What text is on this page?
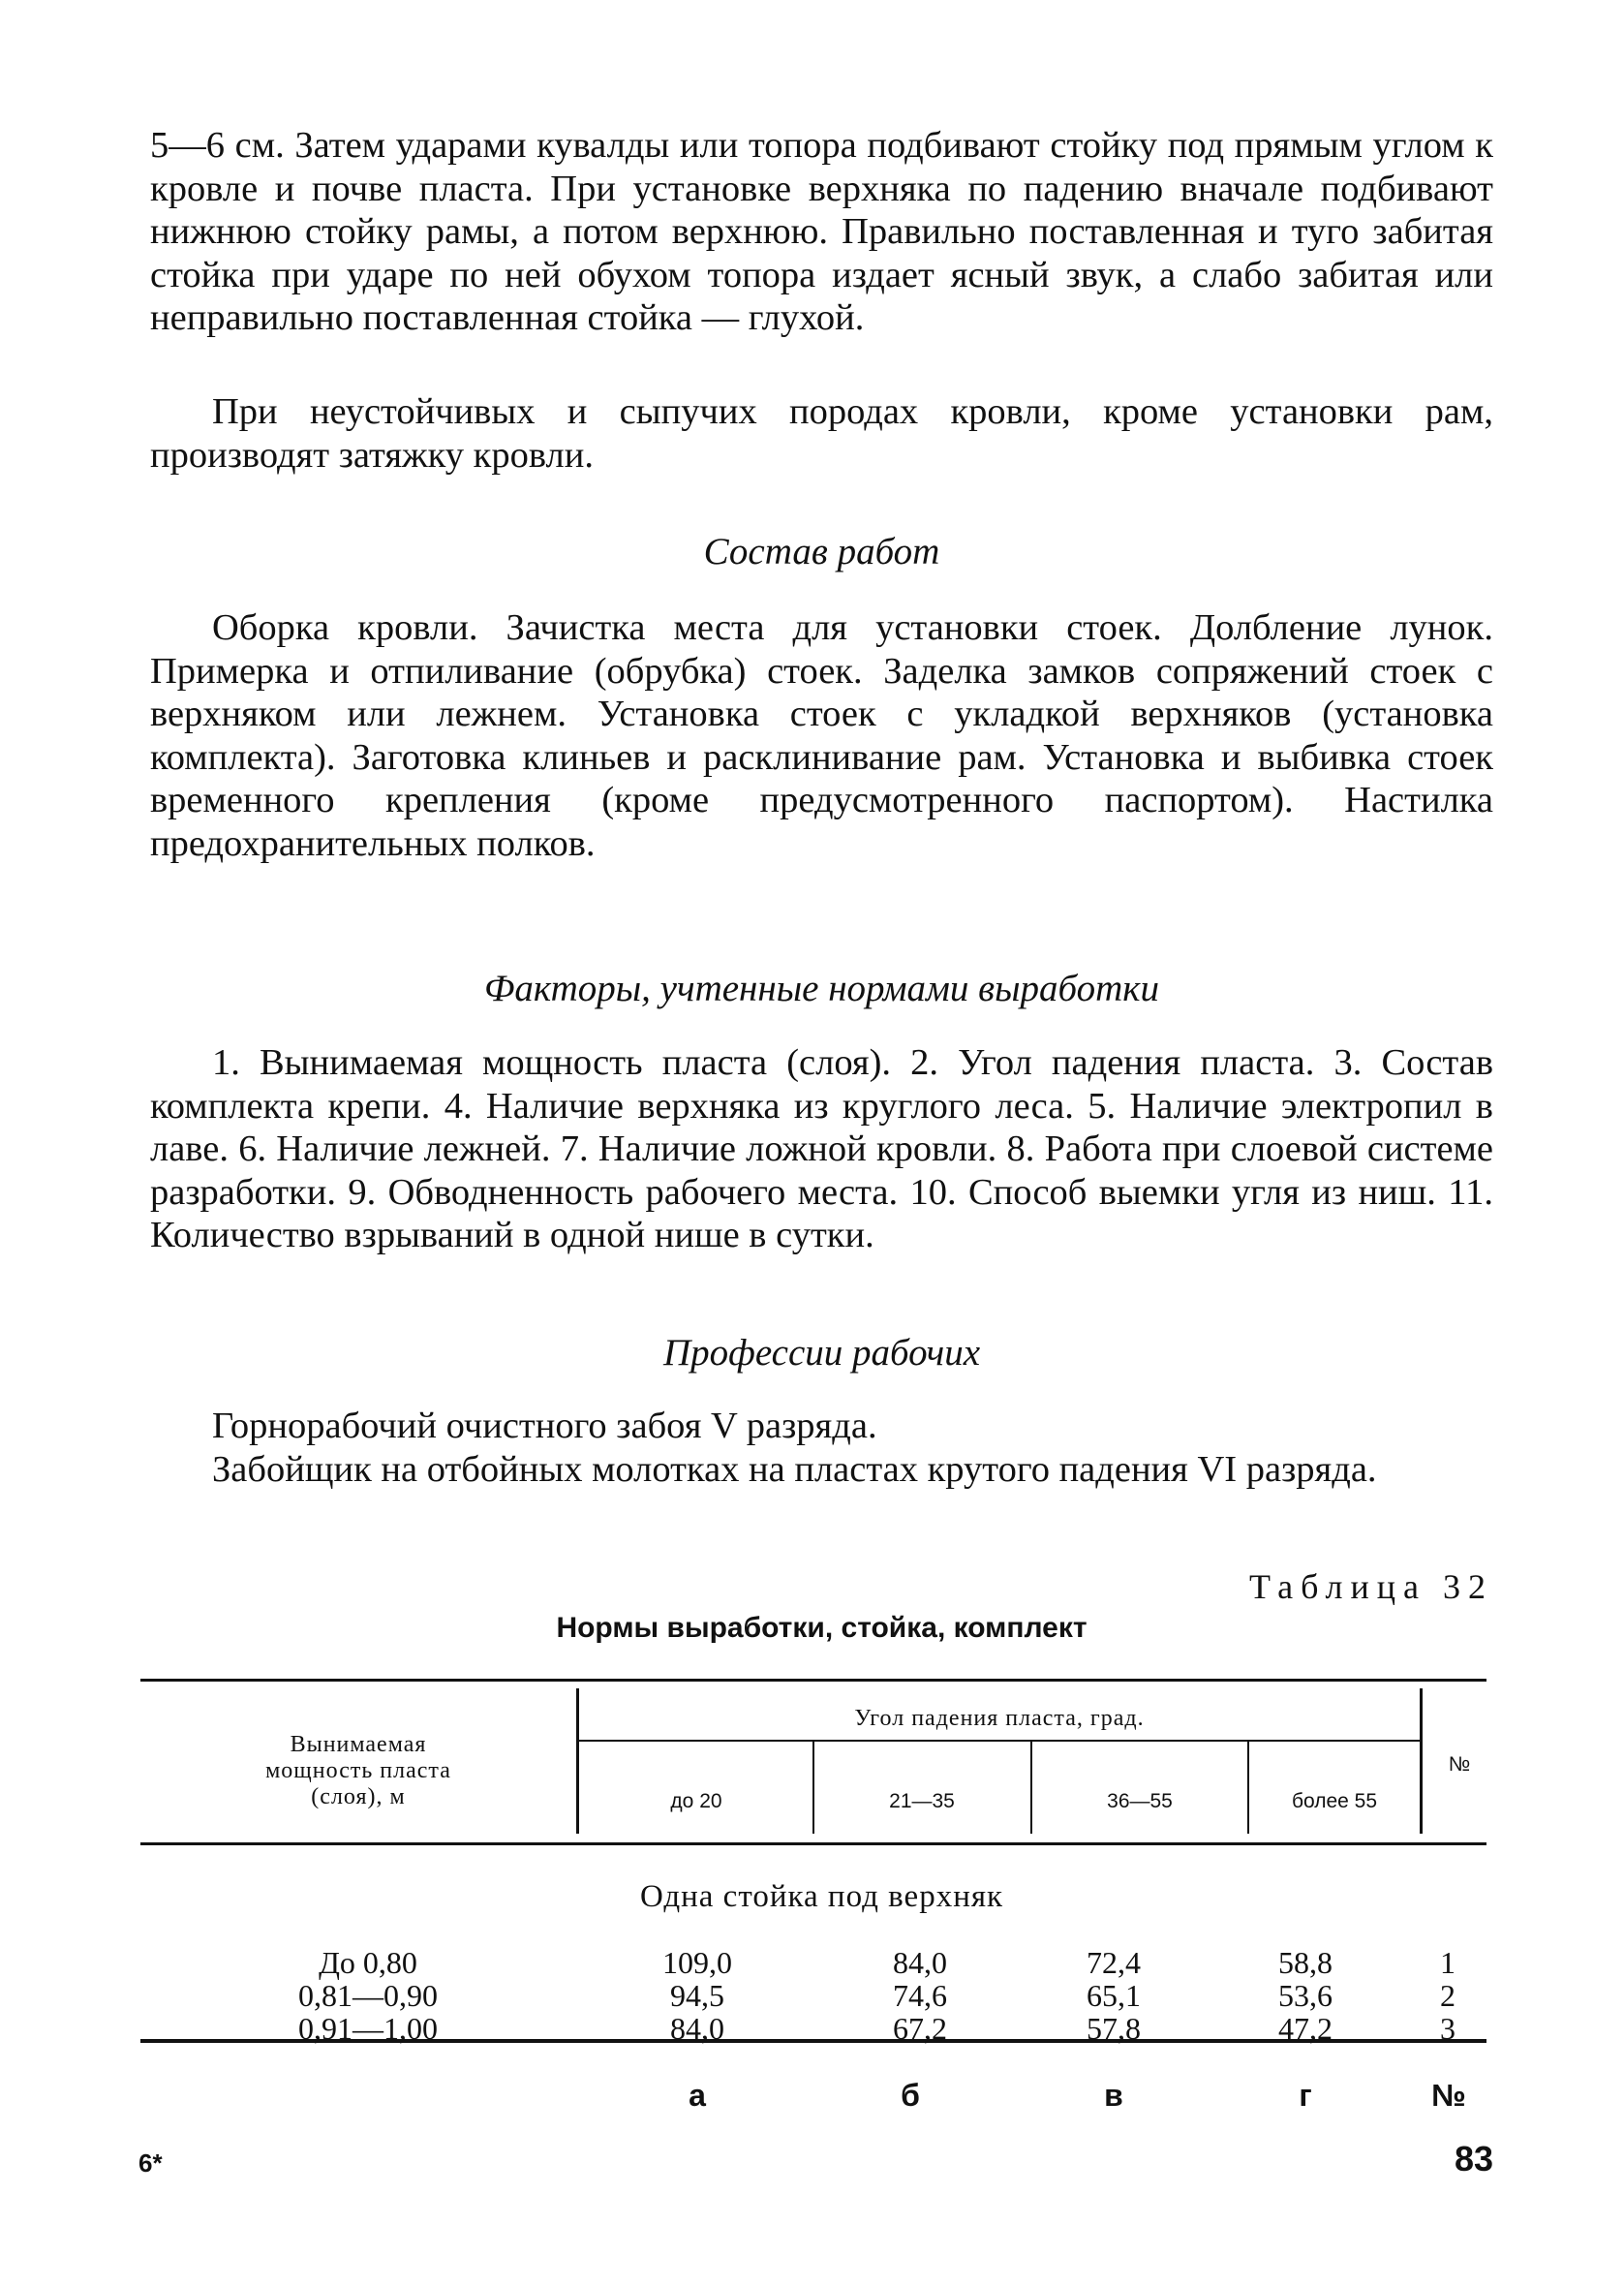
5—6 см. Затем ударами кувалды или топора подбивают стойку под прямым углом к кровле и почве пласта. При установке верхняка по падению вначале подбивают нижнюю стойку рамы, а потом верхнюю. Правильно поставленная и туго забитая стойка при ударе по ней обухом топора издает ясный звук, а слабо забитая или неправильно поставленная стойка — глухой.

При неустойчивых и сыпучих породах кровли, кроме установки рам, производят затяжку кровли.

Состав работ

Оборка кровли. Зачистка места для установки стоек. Долбление лунок. Примерка и отпиливание (обрубка) стоек. Заделка замков сопряжений стоек с верхняком или лежнем. Установка стоек с укладкой верхняков (установка комплекта). Заготовка клиньев и расклинивание рам. Установка и выбивка стоек временного крепления (кроме предусмотренного паспортом). Настилка предохранительных полков.

Факторы, учтенные нормами выработки

1. Вынимаемая мощность пласта (слоя). 2. Угол падения пласта. 3. Состав комплекта крепи. 4. Наличие верхняка из круглого леса. 5. Наличие электропил в лаве. 6. Наличие лежней. 7. Наличие ложной кровли. 8. Работа при слоевой системе разработки. 9. Обводненность рабочего места. 10. Способ выемки угля из ниш. 11. Количество взрываний в одной нише в сутки.

Профессии рабочих

Горнорабочий очистного забоя V разряда.

Забойщик на отбойных молотках на пластах крутого падения VI разряда.

Таблица 32
Нормы выработки, стойка, комплект
Вынимаемая
мощность пласта
(слоя), м
Угол падения пласта, град.
до 20	21—35	36—55	более 55
№
Одна стойка под верхняк
До 0,80	109,0	84,0	72,4	58,8	1
0,81—0,90	94,5	74,6	65,1	53,6	2
0,91—1,00	84,0	67,2	57,8	47,2	3
а	б	в	г	№
6*	83
